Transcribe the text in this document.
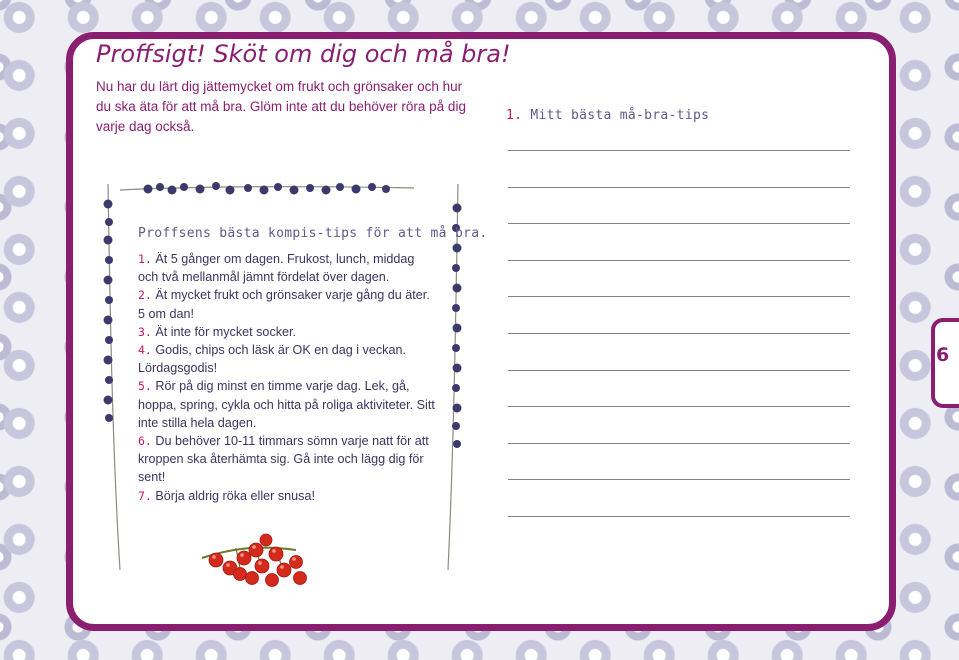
6

Proffsigt! Sköt om dig och må bra!

Nu har du lärt dig jättemycket om frukt och grönsaker och hur du ska äta för att må bra. Glöm inte att du behöver röra på dig varje dag också.

Proffsens bästa kompis-tips för att må bra.
1. Ät 5 gånger om dagen. Frukost, lunch, middag och två mellanmål jämnt fördelat över dagen.
2. Ät mycket frukt och grönsaker varje gång du äter. 5 om dan!
3. Ät inte för mycket socker.
4. Godis, chips och läsk är OK en dag i veckan. Lördagsgodis!
5. Rör på dig minst en timme varje dag. Lek, gå, hoppa, spring, cykla och hitta på roliga aktiviteter. Sitt inte stilla hela dagen.
6. Du behöver 10-11 timmars sömn varje natt för att kroppen ska återhämta sig. Gå inte och lägg dig för sent!
7. Börja aldrig röka eller snusa!
1. Mitt bästa må-bra-tips
